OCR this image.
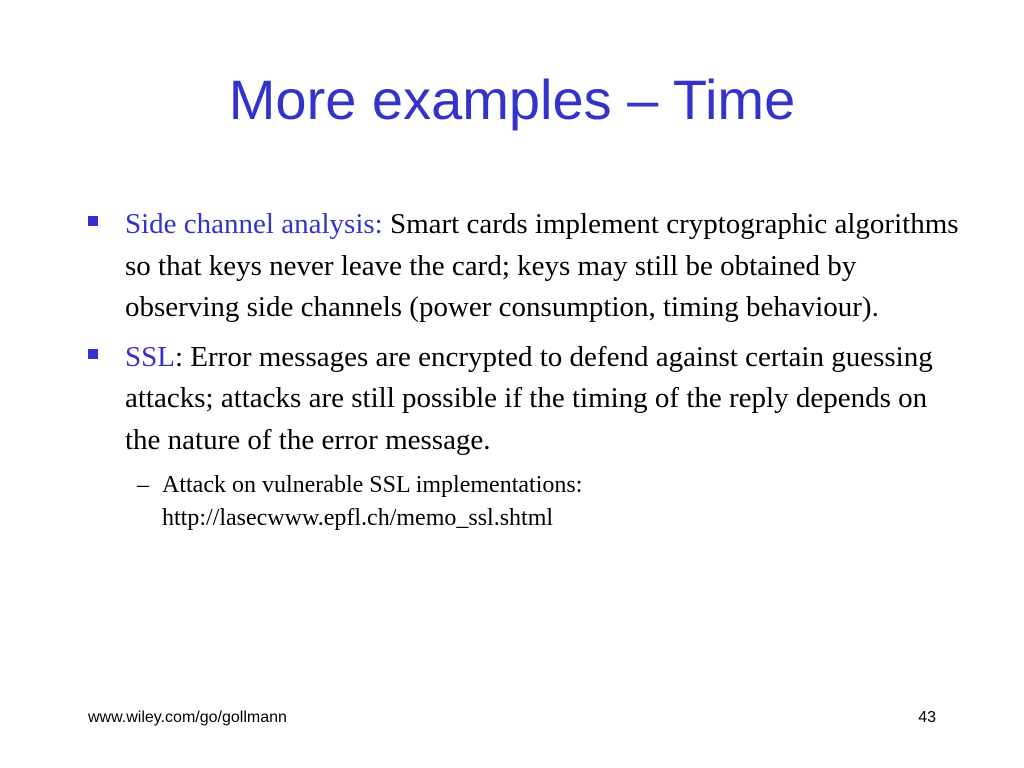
More examples – Time
Side channel analysis: Smart cards implement cryptographic algorithms so that keys never leave the card; keys may still be obtained by observing side channels (power consumption, timing behaviour).
SSL: Error messages are encrypted to defend against certain guessing attacks; attacks are still possible if the timing of the reply depends on the nature of the error message.
– Attack on vulnerable SSL implementations:
http://lasecwww.epfl.ch/memo_ssl.shtml
www.wiley.com/go/gollmann	43
